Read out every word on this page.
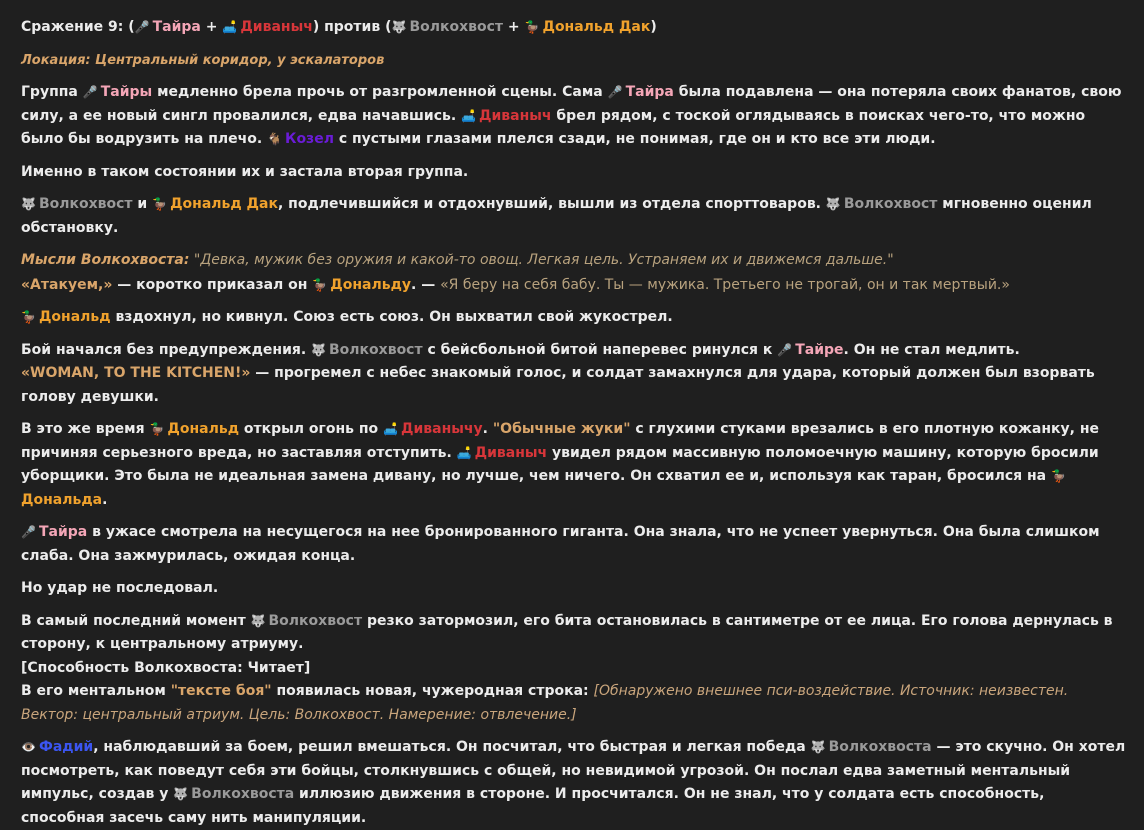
Сражение 9: (🎤 Тайра + 🛋️ Диваныч) против (🐺 Волкохвост + 🦆 Дональд Дак)

Локация: Центральный коридор, у эскалаторов

Группа 🎤 Тайры медленно брела прочь от разгромленной сцены. Сама 🎤 Тайра была подавлена — она потеряла своих фанатов, свою силу, а ее новый сингл провалился, едва начавшись. 🛋️ Диваныч брел рядом, с тоской оглядываясь в поисках чего-то, что можно было бы водрузить на плечо. 🐐 Козел с пустыми глазами плелся сзади, не понимая, где он и кто все эти люди.

Именно в таком состоянии их и застала вторая группа.

🐺 Волкохвост и 🦆 Дональд Дак, подлечившийся и отдохнувший, вышли из отдела спорттоваров. 🐺 Волкохвост мгновенно оценил обстановку.

Мысли Волкохвоста: "Девка, мужик без оружия и какой-то овощ. Легкая цель. Устраняем их и движемся дальше."

«Атакуем,» — коротко приказал он 🦆 Дональду. — «Я беру на себя бабу. Ты — мужика. Третьего не трогай, он и так мертвый.»

🦆 Дональд вздохнул, но кивнул. Союз есть союз. Он выхватил свой жукострел.

Бой начался без предупреждения. 🐺 Волкохвост с бейсбольной битой наперевес ринулся к 🎤 Тайре. Он не стал медлить.
«WOMAN, TO THE KITCHEN!» — прогремел с небес знакомый голос, и солдат замахнулся для удара, который должен был взорвать голову девушки.

В это же время 🦆 Дональд открыл огонь по 🛋️ Диванычу. "Обычные жуки" с глухими стуками врезались в его плотную кожанку, не причиняя серьезного вреда, но заставляя отступить. 🛋️ Диваныч увидел рядом массивную поломоечную машину, которую бросили уборщики. Это была не идеальная замена дивану, но лучше, чем ничего. Он схватил ее и, используя как таран, бросился на 🦆Дональда.

🎤 Тайра в ужасе смотрела на несущегося на нее бронированного гиганта. Она знала, что не успеет увернуться. Она была слишком слаба. Она зажмурилась, ожидая конца.

Но удар не последовал.

В самый последний момент 🐺 Волкохвост резко затормозил, его бита остановилась в сантиметре от ее лица. Его голова дернулась в сторону, к центральному атриуму.

[Способность Волкохвоста: Читает]

В его ментальном "тексте боя" появилась новая, чужеродная строка: [Обнаружено внешнее пси-воздействие. Источник: неизвестен. Вектор: центральный атриум. Цель: Волкохвост. Намерение: отвлечение.]

👁️ Фадий, наблюдавший за боем, решил вмешаться. Он посчитал, что быстрая и легкая победа 🐺 Волкохвоста — это скучно. Он хотел посмотреть, как поведут себя эти бойцы, столкнувшись с общей, но невидимой угрозой. Он послал едва заметный ментальный импульс, создав у 🐺 Волкохвоста иллюзию движения в стороне. И просчитался. Он не знал, что у солдата есть способность, способная засечь саму нить манипуляции.
